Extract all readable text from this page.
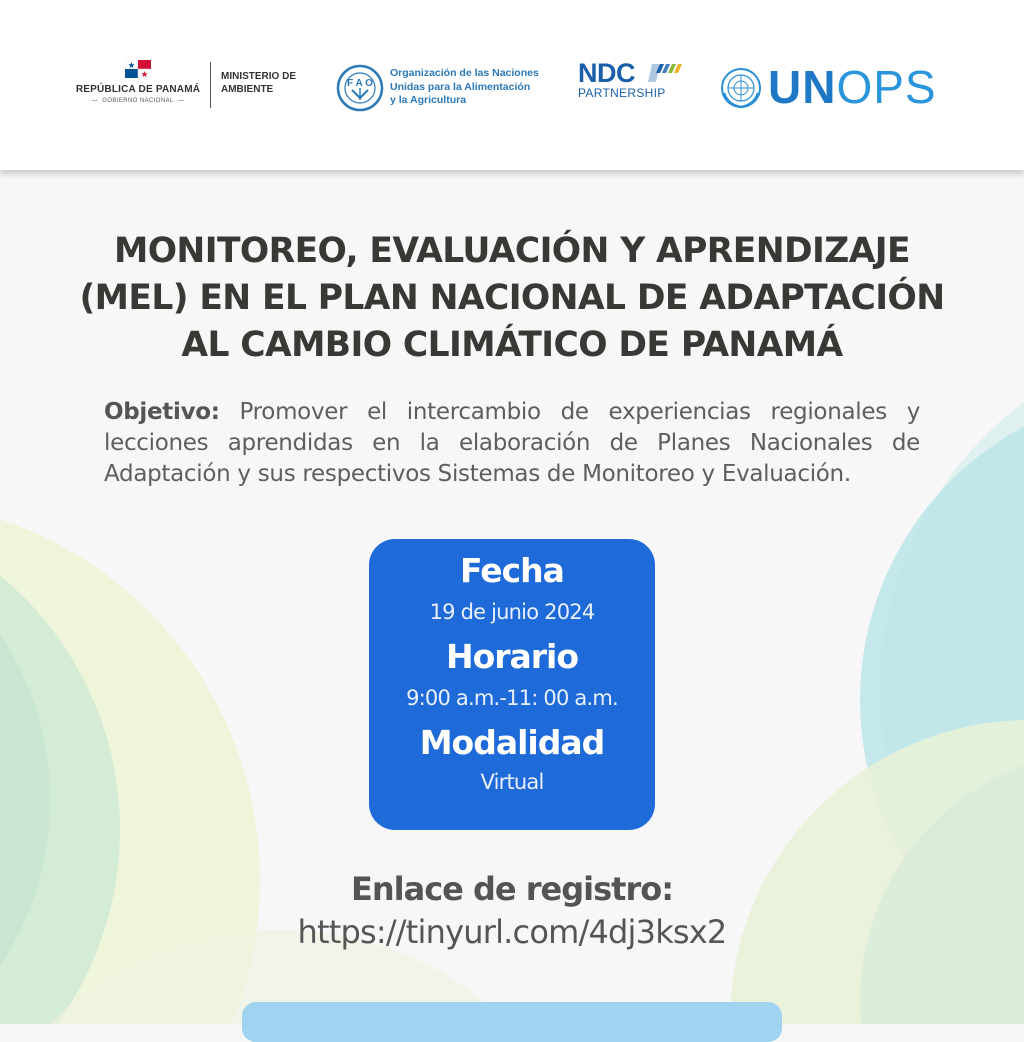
REPÚBLICA DE PANAMÁ
— GOBIERNO NACIONAL —
MINISTERIO DE
AMBIENTE
F A O
Organización de las Naciones
Unidas para la Alimentación
y la Agricultura
NDC
PARTNERSHIP	UNOPS
MONITOREO, EVALUACIÓN Y APRENDIZAJE
(MEL) EN EL PLAN NACIONAL DE ADAPTACIÓN
AL CAMBIO CLIMÁTICO DE PANAMÁ
Objetivo: Promover el intercambio de experiencias regionales y lecciones aprendidas en la elaboración de Planes Nacionales de Adaptación y sus respectivos Sistemas de Monitoreo y Evaluación.
Fecha
19 de junio 2024
Horario
9:00 a.m.-11: 00 a.m.
Modalidad
Virtual
Enlace de registro:
https://tinyurl.com/4dj3ksx2
